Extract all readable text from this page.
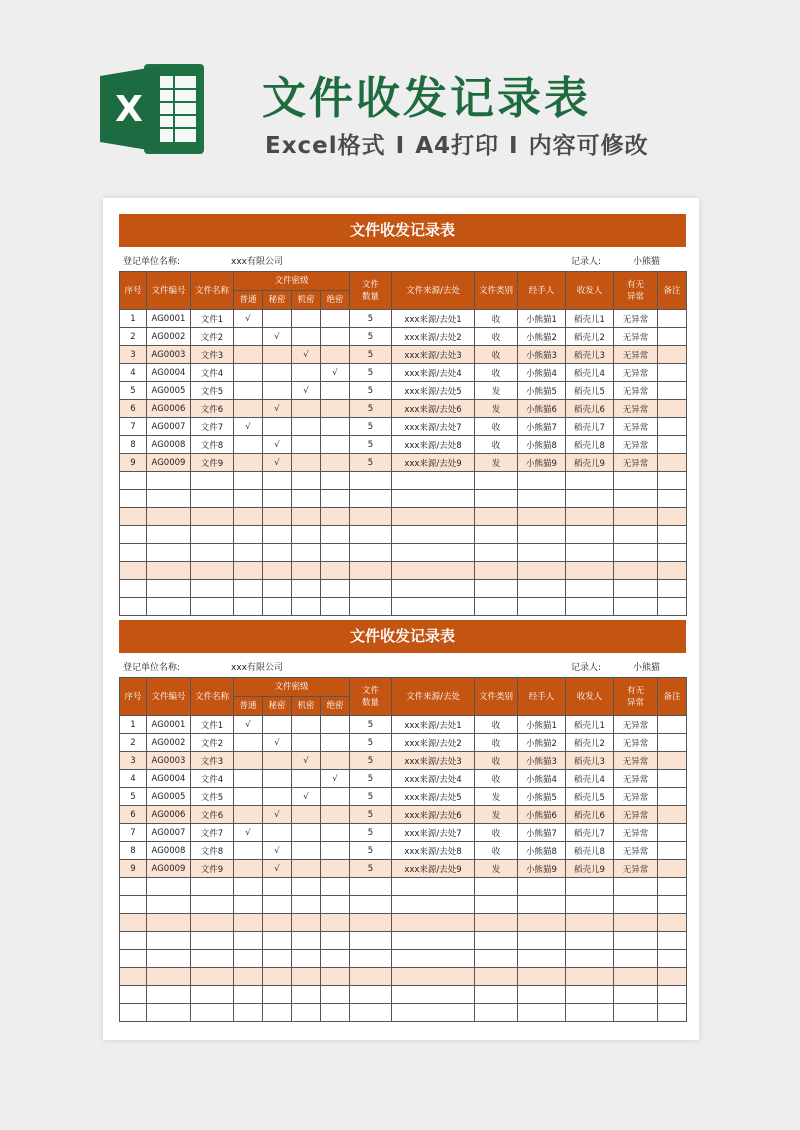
X	文件收发记录表
Excel格式 I A4打印 I 内容可修改
文件收发记录表
登记单位名称:	xxx有限公司	记录人:	小熊猫
序号	文件编号	文件名称	文件密级				文件
数量	文件来源/去处	文件类别	经手人	收发人	有无
异常	备注
			普通	秘密	机密	绝密							
1	AG0001	文件1	√				5	xxx来源/去处1	收	小熊猫1	稻壳儿1	无异常	
2	AG0002	文件2		√			5	xxx来源/去处2	收	小熊猫2	稻壳儿2	无异常	
3	AG0003	文件3			√		5	xxx来源/去处3	收	小熊猫3	稻壳儿3	无异常	
4	AG0004	文件4				√	5	xxx来源/去处4	收	小熊猫4	稻壳儿4	无异常	
5	AG0005	文件5			√		5	xxx来源/去处5	发	小熊猫5	稻壳儿5	无异常	
6	AG0006	文件6		√			5	xxx来源/去处6	发	小熊猫6	稻壳儿6	无异常	
7	AG0007	文件7	√				5	xxx来源/去处7	收	小熊猫7	稻壳儿7	无异常	
8	AG0008	文件8		√			5	xxx来源/去处8	收	小熊猫8	稻壳儿8	无异常	
9	AG0009	文件9		√			5	xxx来源/去处9	发	小熊猫9	稻壳儿9	无异常	

文件收发记录表
登记单位名称:	xxx有限公司	记录人:	小熊猫
序号	文件编号	文件名称	文件密级				文件
数量	文件来源/去处	文件类别	经手人	收发人	有无
异常	备注
			普通	秘密	机密	绝密							
1	AG0001	文件1	√				5	xxx来源/去处1	收	小熊猫1	稻壳儿1	无异常	
2	AG0002	文件2		√			5	xxx来源/去处2	收	小熊猫2	稻壳儿2	无异常	
3	AG0003	文件3			√		5	xxx来源/去处3	收	小熊猫3	稻壳儿3	无异常	
4	AG0004	文件4				√	5	xxx来源/去处4	收	小熊猫4	稻壳儿4	无异常	
5	AG0005	文件5			√		5	xxx来源/去处5	发	小熊猫5	稻壳儿5	无异常	
6	AG0006	文件6		√			5	xxx来源/去处6	发	小熊猫6	稻壳儿6	无异常	
7	AG0007	文件7	√				5	xxx来源/去处7	收	小熊猫7	稻壳儿7	无异常	
8	AG0008	文件8		√			5	xxx来源/去处8	收	小熊猫8	稻壳儿8	无异常	
9	AG0009	文件9		√			5	xxx来源/去处9	发	小熊猫9	稻壳儿9	无异常	
